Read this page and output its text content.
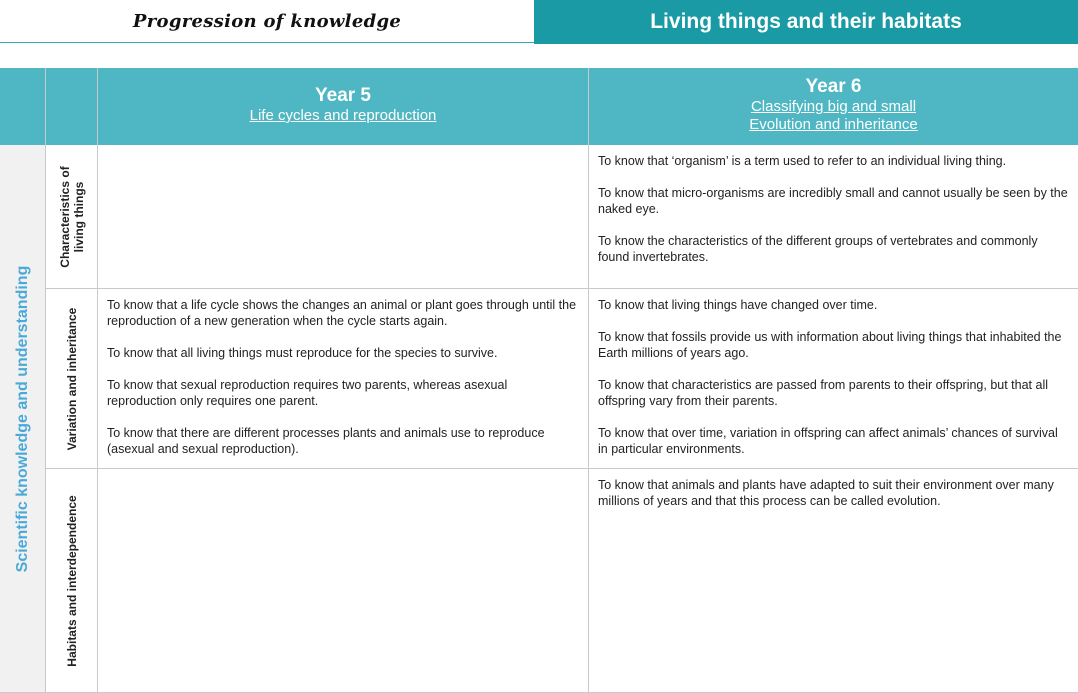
Progression of knowledge	Living things and their habitats
Year 5
Life cycles and reproduction
Year 6
Classifying big and small
Evolution and inheritance
Scientific knowledge and understanding
Characteristics of living things

To know that ‘organism’ is a term used to refer to an individual living thing.

To know that micro-organisms are incredibly small and cannot usually be seen by the naked eye.

To know the characteristics of the different groups of vertebrates and commonly found invertebrates.

Variation and inheritance

To know that a life cycle shows the changes an animal or plant goes through until the reproduction of a new generation when the cycle starts again.

To know that all living things must reproduce for the species to survive.

To know that sexual reproduction requires two parents, whereas asexual reproduction only requires one parent.

To know that there are different processes plants and animals use to reproduce (asexual and sexual reproduction).

To know that living things have changed over time.

To know that fossils provide us with information about living things that inhabited the Earth millions of years ago.

To know that characteristics are passed from parents to their offspring, but that all offspring vary from their parents.

To know that over time, variation in offspring can affect animals’ chances of survival in particular environments.

Habitats and interdependence

To know that animals and plants have adapted to suit their environment over many millions of years and that this process can be called evolution.
